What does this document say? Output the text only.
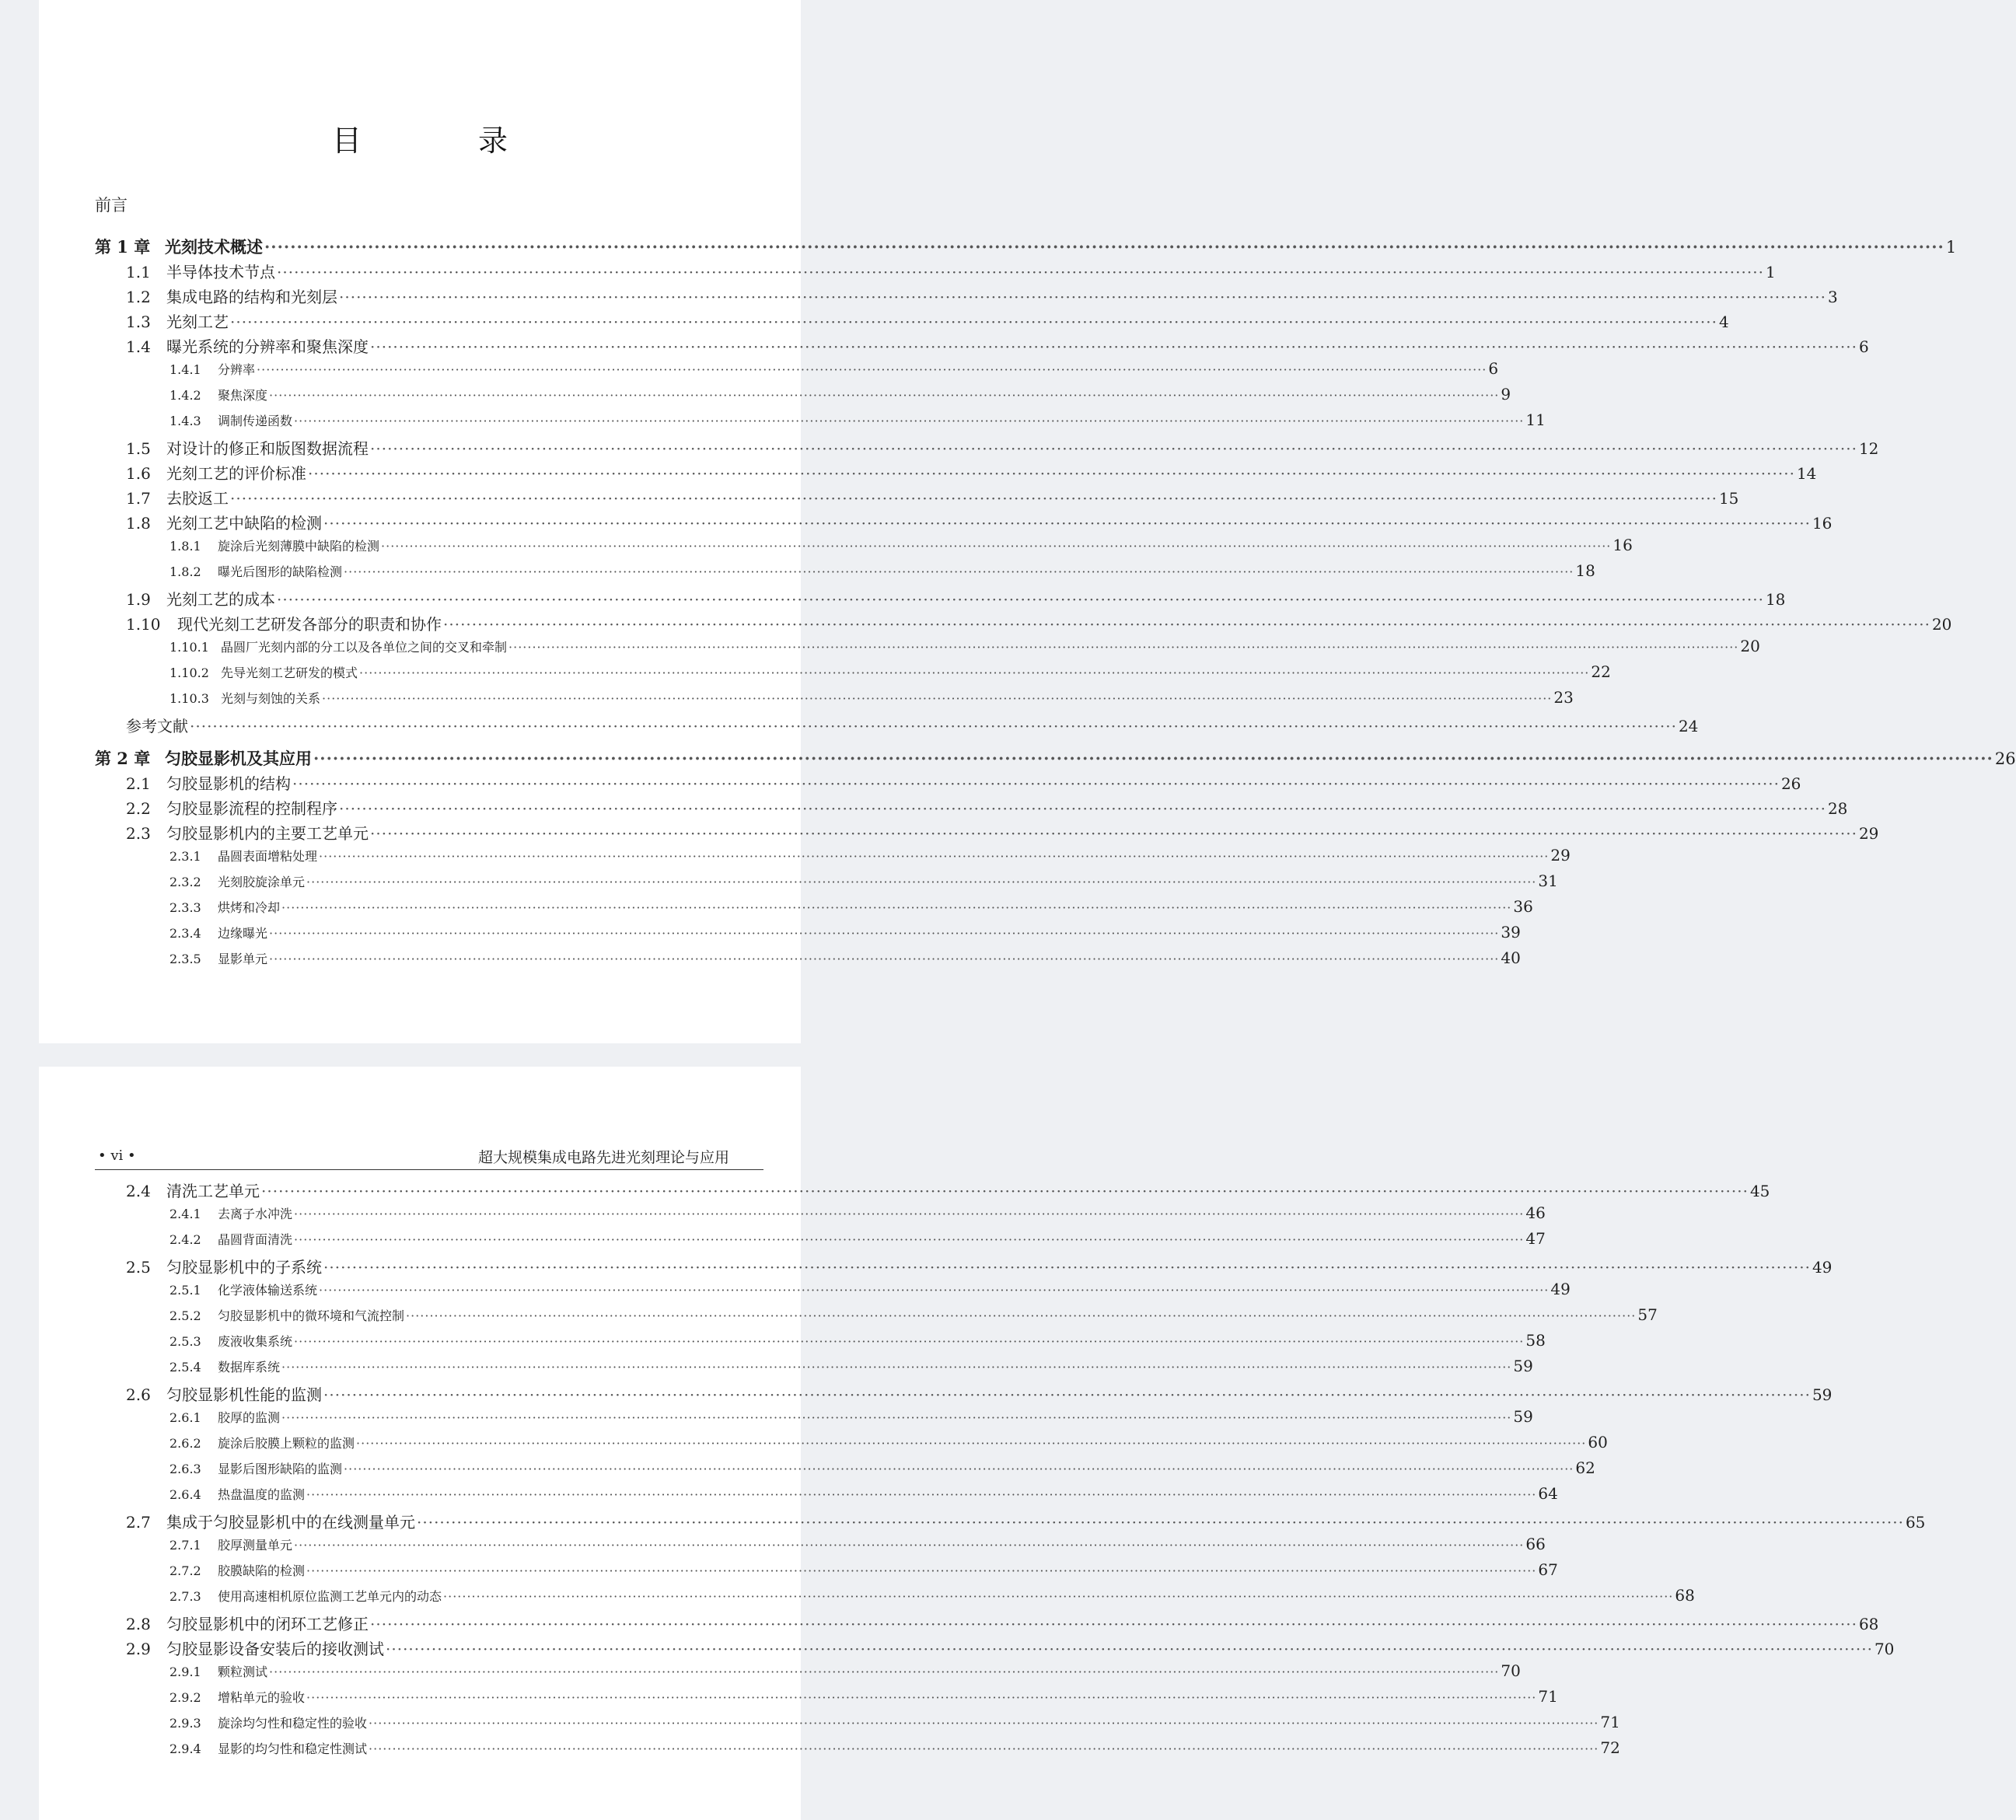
目　录
前言
第 1 章 光刻技术概述 ···································································································································································································································································· 1
1.1	半导体技术节点 ···································································································································································································································································· 1
1.2	集成电路的结构和光刻层 ···································································································································································································································································· 3
1.3	光刻工艺 ···································································································································································································································································· 4
1.4	曝光系统的分辨率和聚焦深度 ···································································································································································································································································· 6
1.4.1	分辨率 ···································································································································································································································································· 6
1.4.2	聚焦深度 ···································································································································································································································································· 9
1.4.3	调制传递函数 ···································································································································································································································································· 11
1.5	对设计的修正和版图数据流程 ···································································································································································································································································· 12
1.6	光刻工艺的评价标准 ···································································································································································································································································· 14
1.7	去胶返工 ···································································································································································································································································· 15
1.8	光刻工艺中缺陷的检测 ···································································································································································································································································· 16
1.8.1	旋涂后光刻薄膜中缺陷的检测 ···································································································································································································································································· 16
1.8.2	曝光后图形的缺陷检测 ···································································································································································································································································· 18
1.9	光刻工艺的成本 ···································································································································································································································································· 18
1.10	现代光刻工艺研发各部分的职责和协作 ···································································································································································································································································· 20
1.10.1 晶圆厂光刻内部的分工以及各单位之间的交叉和牵制 ···································································································································································································································································· 20
1.10.2 先导光刻工艺研发的模式 ···································································································································································································································································· 22
1.10.3 光刻与刻蚀的关系 ···································································································································································································································································· 23
参考文献 ···································································································································································································································································· 24
第 2 章 匀胶显影机及其应用 ···································································································································································································································································· 26
2.1	匀胶显影机的结构 ···································································································································································································································································· 26
2.2	匀胶显影流程的控制程序 ···································································································································································································································································· 28
2.3	匀胶显影机内的主要工艺单元 ···································································································································································································································································· 29
2.3.1	晶圆表面增粘处理 ···································································································································································································································································· 29
2.3.2	光刻胶旋涂单元 ···································································································································································································································································· 31
2.3.3	烘烤和冷却 ···································································································································································································································································· 36
2.3.4	边缘曝光 ···································································································································································································································································· 39
2.3.5	显影单元 ···································································································································································································································································· 40
• vi •	超大规模集成电路先进光刻理论与应用
2.4	清洗工艺单元 ···································································································································································································································································· 45
2.4.1	去离子水冲洗 ···································································································································································································································································· 46
2.4.2	晶圆背面清洗 ···································································································································································································································································· 47
2.5	匀胶显影机中的子系统 ···································································································································································································································································· 49
2.5.1	化学液体输送系统 ···································································································································································································································································· 49
2.5.2	匀胶显影机中的微环境和气流控制 ···································································································································································································································································· 57
2.5.3	废液收集系统 ···································································································································································································································································· 58
2.5.4	数据库系统 ···································································································································································································································································· 59
2.6	匀胶显影机性能的监测 ···································································································································································································································································· 59
2.6.1	胶厚的监测 ···································································································································································································································································· 59
2.6.2	旋涂后胶膜上颗粒的监测 ···································································································································································································································································· 60
2.6.3	显影后图形缺陷的监测 ···································································································································································································································································· 62
2.6.4	热盘温度的监测 ···································································································································································································································································· 64
2.7	集成于匀胶显影机中的在线测量单元 ···································································································································································································································································· 65
2.7.1	胶厚测量单元 ···································································································································································································································································· 66
2.7.2	胶膜缺陷的检测 ···································································································································································································································································· 67
2.7.3	使用高速相机原位监测工艺单元内的动态 ···································································································································································································································································· 68
2.8	匀胶显影机中的闭环工艺修正 ···································································································································································································································································· 68
2.9	匀胶显影设备安装后的接收测试 ···································································································································································································································································· 70
2.9.1	颗粒测试 ···································································································································································································································································· 70
2.9.2	增粘单元的验收 ···································································································································································································································································· 71
2.9.3	旋涂均匀性和稳定性的验收 ···································································································································································································································································· 71
2.9.4	显影的均匀性和稳定性测试 ···································································································································································································································································· 72
